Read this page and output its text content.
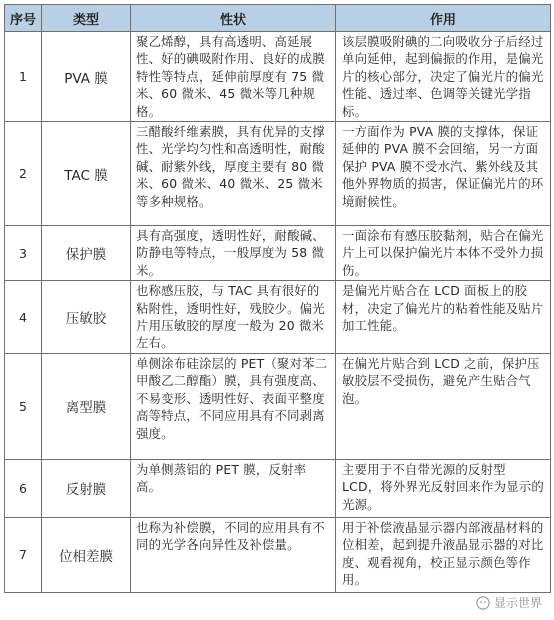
序号	类型	性状	作用
1	PVA 膜	聚乙烯醇，具有高透明、高延展性、好的碘吸附作用、良好的成膜特性等特点，延伸前厚度有 75 微米、60 微米、45 微米等几种规格。	该层膜吸附碘的二向吸收分子后经过单向延伸，起到偏振的作用，是偏光片的核心部分，决定了偏光片的偏光性能、透过率、色调等关键光学指标。
2	TAC 膜	三醋酸纤维素膜，具有优异的支撑性、光学均匀性和高透明性，耐酸碱、耐紫外线，厚度主要有 80 微米、60 微米、40 微米、25 微米等多种规格。	一方面作为 PVA 膜的支撑体，保证延伸的 PVA 膜不会回缩，另一方面保护 PVA 膜不受水汽、紫外线及其他外界物质的损害，保证偏光片的环境耐候性。
3	保护膜	具有高强度，透明性好，耐酸碱、防静电等特点，一般厚度为 58 微米。	一面涂布有感压胶黏剂，贴合在偏光片上可以保护偏光片本体不受外力损伤。
4	压敏胶	也称感压胶，与 TAC 具有很好的粘附性，透明性好，残胶少。偏光片用压敏胶的厚度一般为 20 微米左右。	是偏光片贴合在 LCD 面板上的胶材，决定了偏光片的粘着性能及贴片加工性能。
5	离型膜	单侧涂布硅涂层的 PET（聚对苯二甲酸乙二醇酯）膜，具有强度高、不易变形、透明性好、表面平整度高等特点，不同应用具有不同剥离强度。	在偏光片贴合到 LCD 之前，保护压敏胶层不受损伤，避免产生贴合气泡。
6	反射膜	为单侧蒸铝的 PET 膜，反射率高。	主要用于不自带光源的反射型 LCD，将外界光反射回来作为显示的光源。
7	位相差膜	也称为补偿膜，不同的应用具有不同的光学各向异性及补偿量。	用于补偿液晶显示器内部液晶材料的位相差，起到提升液晶显示器的对比度、观看视角，校正显示颜色等作用。
显示世界
